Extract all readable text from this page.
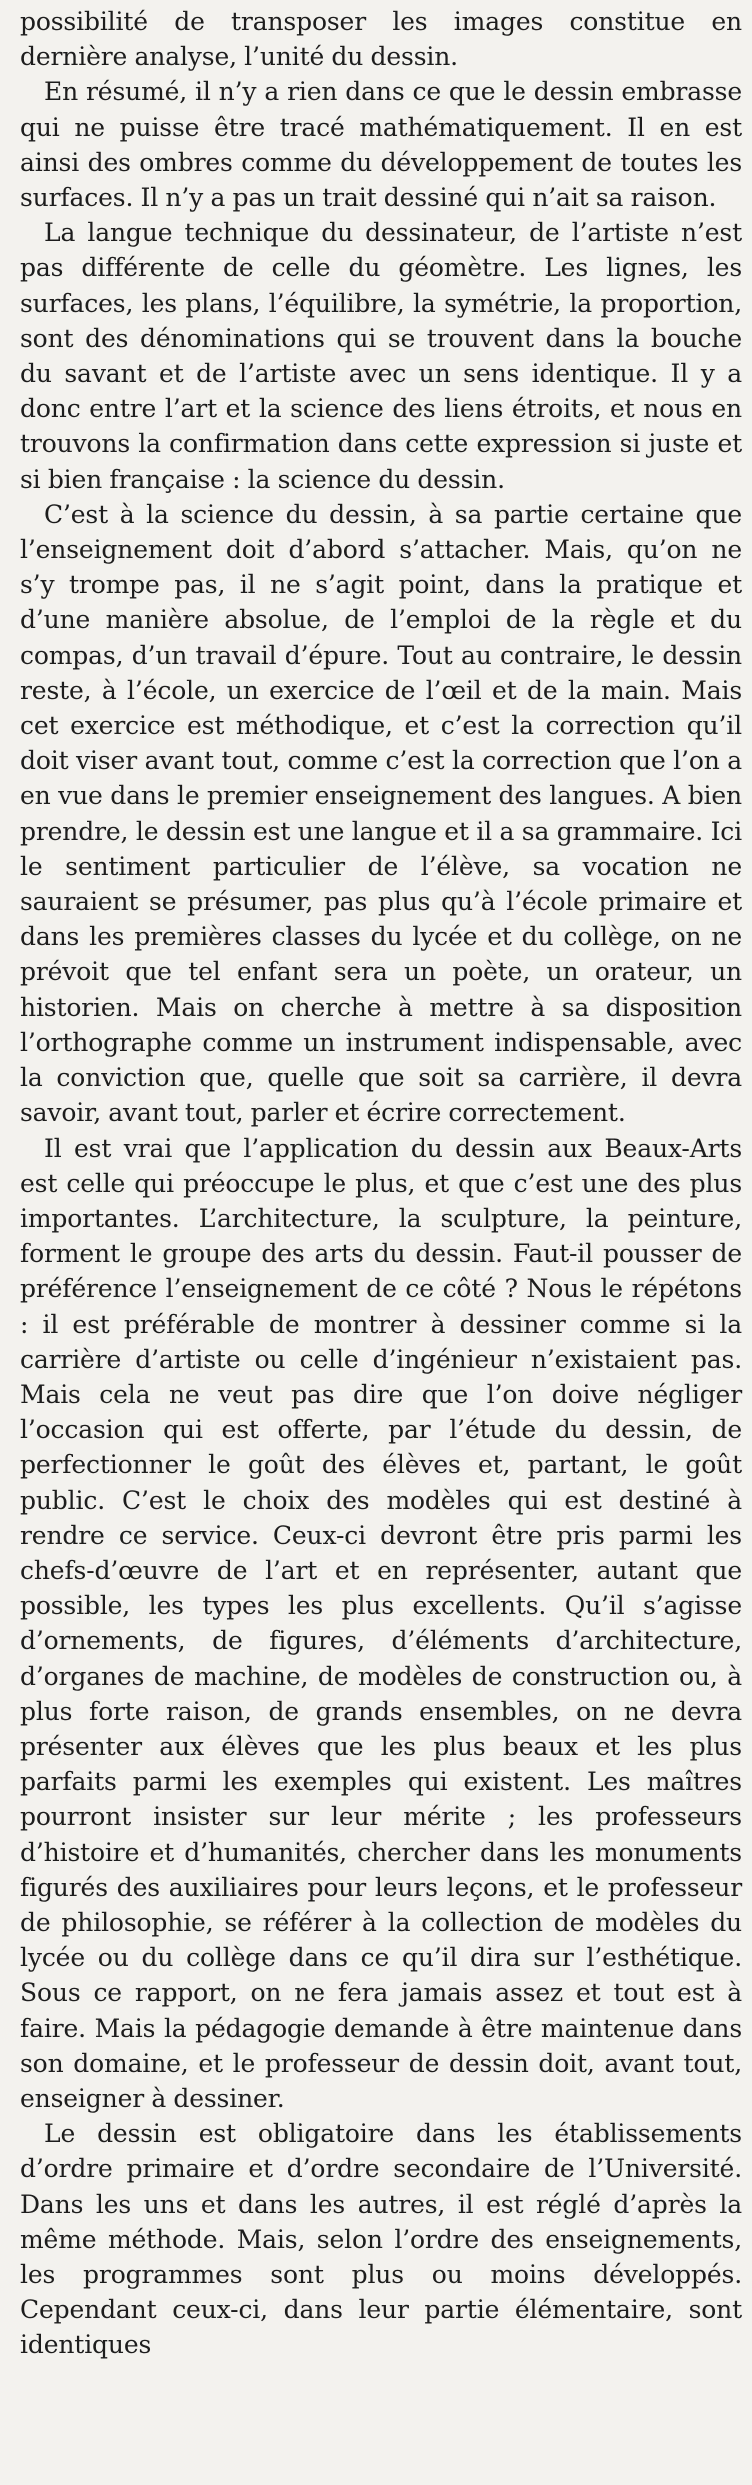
possibilité de transposer les images constitue en dernière analyse, l’unité du dessin.

En résumé, il n’y a rien dans ce que le dessin embrasse qui ne puisse être tracé mathématiquement. Il en est ainsi des ombres comme du développement de toutes les surfaces. Il n’y a pas un trait dessiné qui n’ait sa raison.

La langue technique du dessinateur, de l’artiste n’est pas différente de celle du géomètre. Les lignes, les surfaces, les plans, l’équilibre, la symétrie, la proportion, sont des dénominations qui se trouvent dans la bouche du savant et de l’artiste avec un sens identique. Il y a donc entre l’art et la science des liens étroits, et nous en trouvons la confirmation dans cette expression si juste et si bien française : la science du dessin.

C’est à la science du dessin, à sa partie certaine que l’enseignement doit d’abord s’attacher. Mais, qu’on ne s’y trompe pas, il ne s’agit point, dans la pratique et d’une manière absolue, de l’emploi de la règle et du compas, d’un travail d’épure. Tout au contraire, le dessin reste, à l’école, un exercice de l’œil et de la main. Mais cet exercice est méthodique, et c’est la correction qu’il doit viser avant tout, comme c’est la correction que l’on a en vue dans le premier enseignement des langues. A bien prendre, le dessin est une langue et il a sa grammaire. Ici le sentiment particulier de l’élève, sa vocation ne sauraient se présumer, pas plus qu’à l’école primaire et dans les premières classes du lycée et du collège, on ne prévoit que tel enfant sera un poète, un orateur, un historien. Mais on cherche à mettre à sa disposition l’orthographe comme un instrument indispensable, avec la conviction que, quelle que soit sa carrière, il devra savoir, avant tout, parler et écrire correctement.

Il est vrai que l’application du dessin aux Beaux-Arts est celle qui préoccupe le plus, et que c’est une des plus importantes. L’architecture, la sculpture, la peinture, forment le groupe des arts du dessin. Faut-il pousser de préférence l’enseignement de ce côté ? Nous le répétons : il est préférable de montrer à dessiner comme si la carrière d’artiste ou celle d’ingénieur n’existaient pas. Mais cela ne veut pas dire que l’on doive négliger l’occasion qui est offerte, par l’étude du dessin, de perfectionner le goût des élèves et, partant, le goût public. C’est le choix des modèles qui est destiné à rendre ce service. Ceux-ci devront être pris parmi les chefs-d’œuvre de l’art et en représenter, autant que possible, les types les plus excellents. Qu’il s’agisse d’ornements, de figures, d’éléments d’architecture, d’organes de machine, de modèles de construction ou, à plus forte raison, de grands ensembles, on ne devra présenter aux élèves que les plus beaux et les plus parfaits parmi les exemples qui existent. Les maîtres pourront insister sur leur mérite ; les professeurs d’histoire et d’humanités, chercher dans les monuments figurés des auxiliaires pour leurs leçons, et le professeur de philosophie, se référer à la collection de modèles du lycée ou du collège dans ce qu’il dira sur l’esthétique. Sous ce rapport, on ne fera jamais assez et tout est à faire. Mais la pédagogie demande à être maintenue dans son domaine, et le professeur de dessin doit, avant tout, enseigner à dessiner.

Le dessin est obligatoire dans les établissements d’ordre primaire et d’ordre secondaire de l’Université. Dans les uns et dans les autres, il est réglé d’après la même méthode. Mais, selon l’ordre des enseignements, les programmes sont plus ou moins développés. Cependant ceux-ci, dans leur partie élémentaire, sont identiques
